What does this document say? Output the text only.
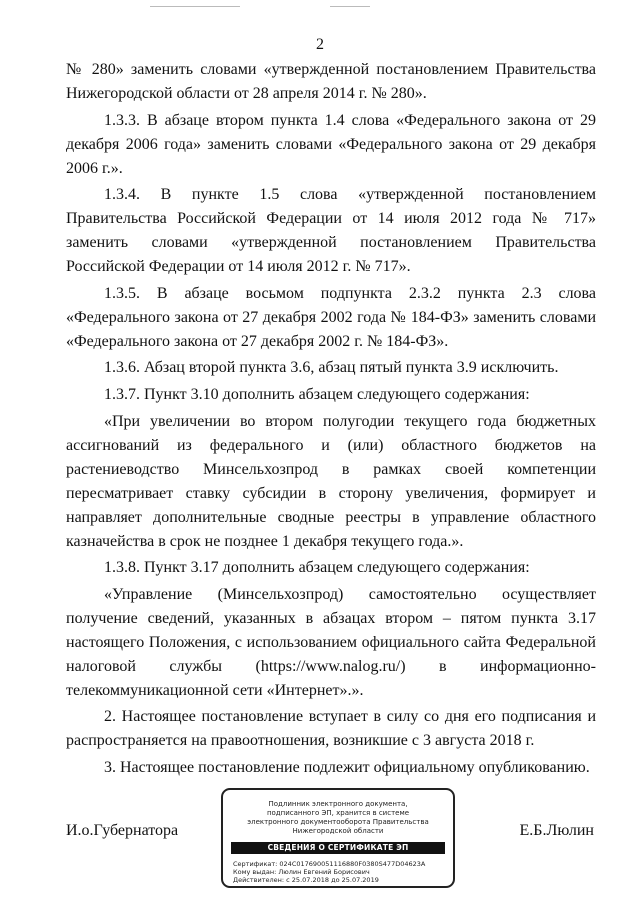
2

№ 280» заменить словами «утвержденной постановлением Правительства Нижегородской области от 28 апреля 2014 г. № 280».

1.3.3. В абзаце втором пункта 1.4 слова «Федерального закона от 29 декабря 2006 года» заменить словами «Федерального закона от 29 декабря 2006 г.».

1.3.4. В пункте 1.5 слова «утвержденной постановлением Правительства Российской Федерации от 14 июля 2012 года № 717» заменить словами «утвержденной постановлением Правительства Российской Федерации от 14 июля 2012 г. № 717».

1.3.5. В абзаце восьмом подпункта 2.3.2 пункта 2.3 слова «Федерального закона от 27 декабря 2002 года № 184-ФЗ» заменить словами «Федерального закона от 27 декабря 2002 г. № 184-ФЗ».

1.3.6. Абзац второй пункта 3.6, абзац пятый пункта 3.9 исключить.

1.3.7. Пункт 3.10 дополнить абзацем следующего содержания:

«При увеличении во втором полугодии текущего года бюджетных ассигнований из федерального и (или) областного бюджетов на растениеводство Минсельхозпрод в рамках своей компетенции пересматривает ставку субсидии в сторону увеличения, формирует и направляет дополнительные сводные реестры в управление областного казначейства в срок не позднее 1 декабря текущего года.».

1.3.8. Пункт 3.17 дополнить абзацем следующего содержания:

«Управление (Минсельхозпрод) самостоятельно осуществляет получение сведений, указанных в абзацах втором – пятом пункта 3.17 настоящего Положения, с использованием официального сайта Федеральной налоговой службы (https://www.nalog.ru/) в информационно-телекоммуникационной сети «Интернет».».

2. Настоящее постановление вступает в силу со дня его подписания и распространяется на правоотношения, возникшие с 3 августа 2018 г.

3. Настоящее постановление подлежит официальному опубликованию.

И.о.Губернатора	Е.Б.Люлин
Подлинник электронного документа, подписанного ЭП, хранится в системе электронного документооборота Правительства Нижегородской области
СВЕДЕНИЯ О СЕРТИФИКАТЕ ЭП
Сертификат: 024C017690051116880F0380S477D04623A
Кому выдан: Люлин Евгений Борисович
Действителен: с 25.07.2018 до 25.07.2019
